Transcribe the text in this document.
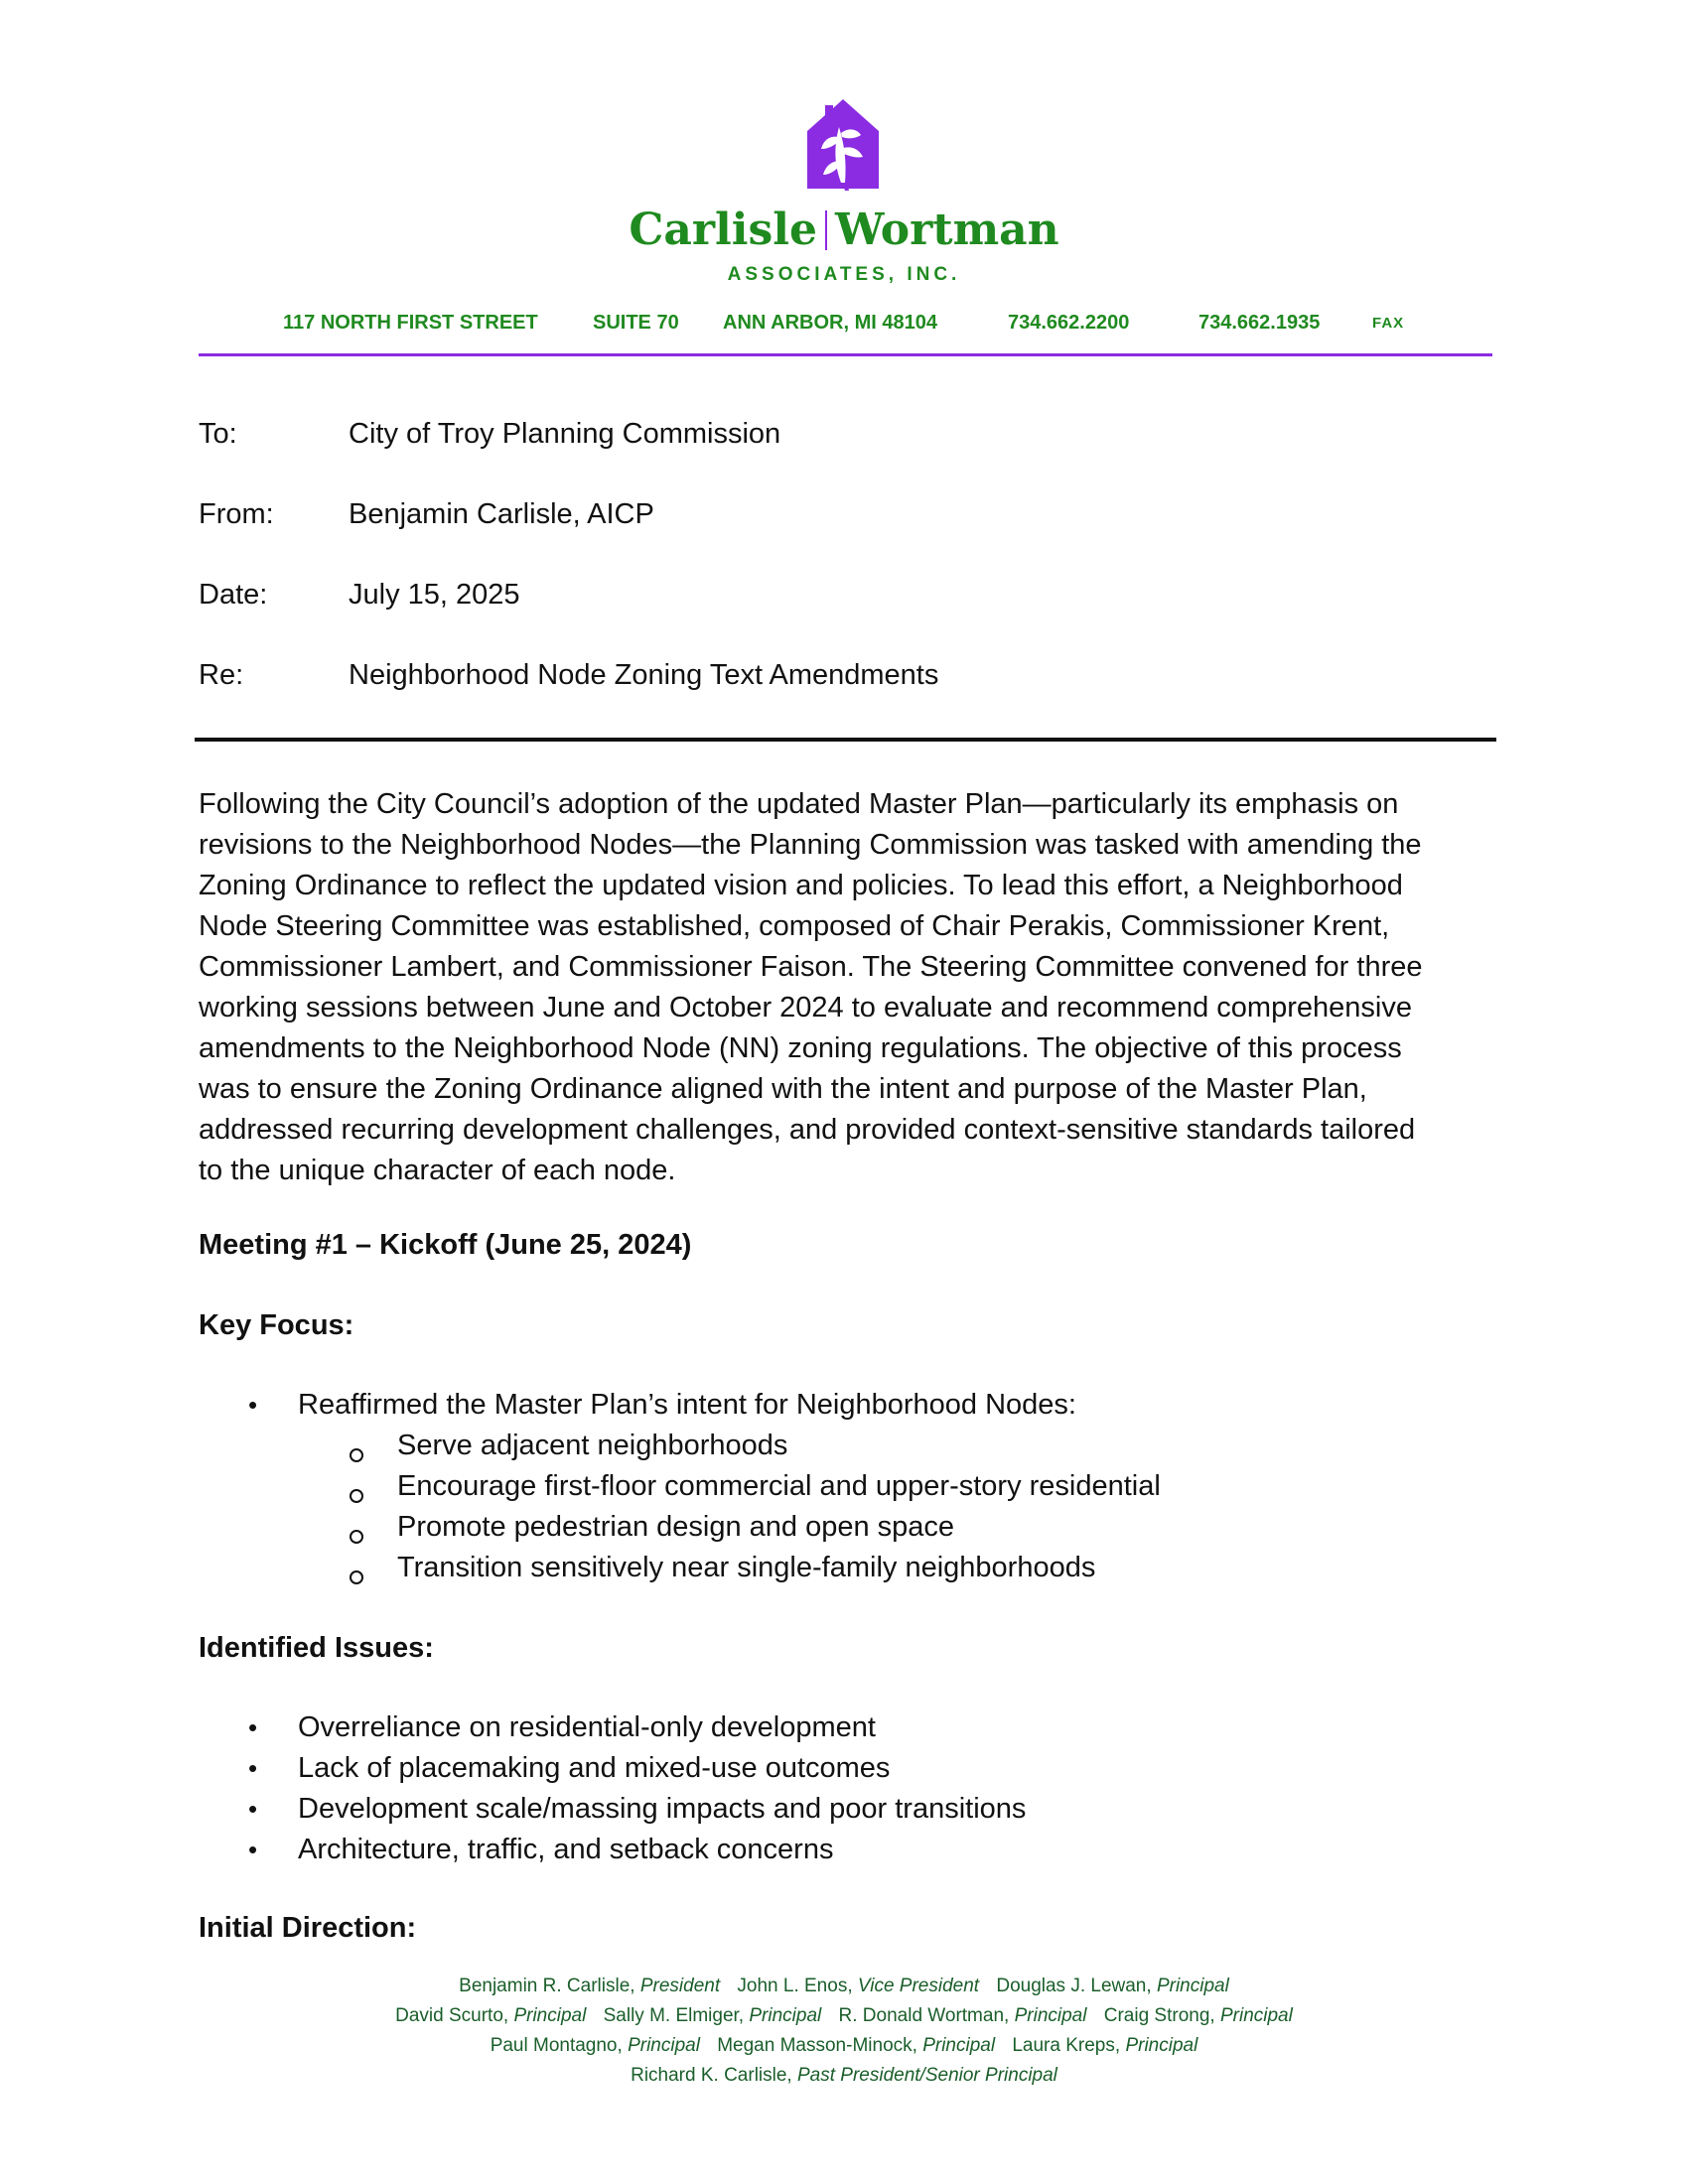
Carlisle Wortman
ASSOCIATES, INC.
117 NORTH FIRST STREET	SUITE 70 ANN ARBOR, MI 48104	734.662.2200	734.662.1935	FAX
To:	City of Troy Planning Commission
From:	Benjamin Carlisle, AICP
Date:	July 15, 2025
Re:	Neighborhood Node Zoning Text Amendments
Following the City Council’s adoption of the updated Master Plan—particularly its emphasis on
revisions to the Neighborhood Nodes—the Planning Commission was tasked with amending the
Zoning Ordinance to reflect the updated vision and policies. To lead this effort, a Neighborhood
Node Steering Committee was established, composed of Chair Perakis, Commissioner Krent,
Commissioner Lambert, and Commissioner Faison. The Steering Committee convened for three
working sessions between June and October 2024 to evaluate and recommend comprehensive
amendments to the Neighborhood Node (NN) zoning regulations. The objective of this process
was to ensure the Zoning Ordinance aligned with the intent and purpose of the Master Plan,
addressed recurring development challenges, and provided context-sensitive standards tailored
to the unique character of each node.
Meeting #1 – Kickoff (June 25, 2024)
Key Focus:
• Reaffirmed the Master Plan’s intent for Neighborhood Nodes:
Serve adjacent neighborhoods
Encourage first-floor commercial and upper-story residential
Promote pedestrian design and open space
Transition sensitively near single-family neighborhoods
Identified Issues:
• Overreliance on residential-only development
• Lack of placemaking and mixed-use outcomes
• Development scale/massing impacts and poor transitions
• Architecture, traffic, and setback concerns
Initial Direction:
Benjamin R. Carlisle, President John L. Enos, Vice President Douglas J. Lewan, Principal
David Scurto, Principal Sally M. Elmiger, Principal R. Donald Wortman, Principal Craig Strong, Principal
Paul Montagno, Principal Megan Masson-Minock, Principal Laura Kreps, Principal
Richard K. Carlisle, Past President/Senior Principal
